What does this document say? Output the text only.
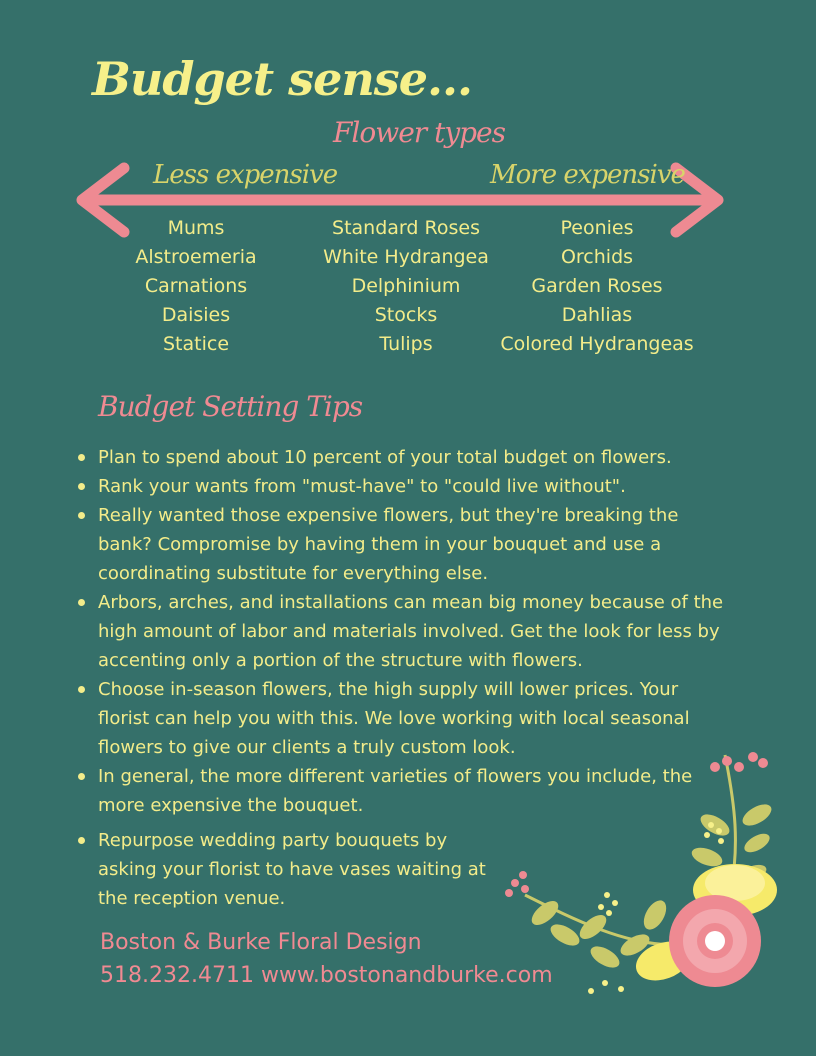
Budget sense...
Flower types
Less expensive	More expensive
Mums
Alstroemeria
Carnations
Daisies
Statice
Standard Roses
White Hydrangea
Delphinium
Stocks
Tulips
Peonies
Orchids
Garden Roses
Dahlias
Colored Hydrangeas
Budget Setting Tips
Plan to spend about 10 percent of your total budget on flowers.
Rank your wants from "must-have" to "could live without".
Really wanted those expensive flowers, but they're breaking the bank? Compromise by having them in your bouquet and use a coordinating substitute for everything else.
Arbors, arches, and installations can mean big money because of the high amount of labor and materials involved. Get the look for less by accenting only a portion of the structure with flowers.
Choose in-season flowers, the high supply will lower prices. Your florist can help you with this. We love working with local seasonal flowers to give our clients a truly custom look.
In general, the more different varieties of flowers you include, the more expensive the bouquet.
Repurpose wedding party bouquets by asking your florist to have vases waiting at the reception venue.
Boston & Burke Floral Design
518.232.4711 www.bostonandburke.com
